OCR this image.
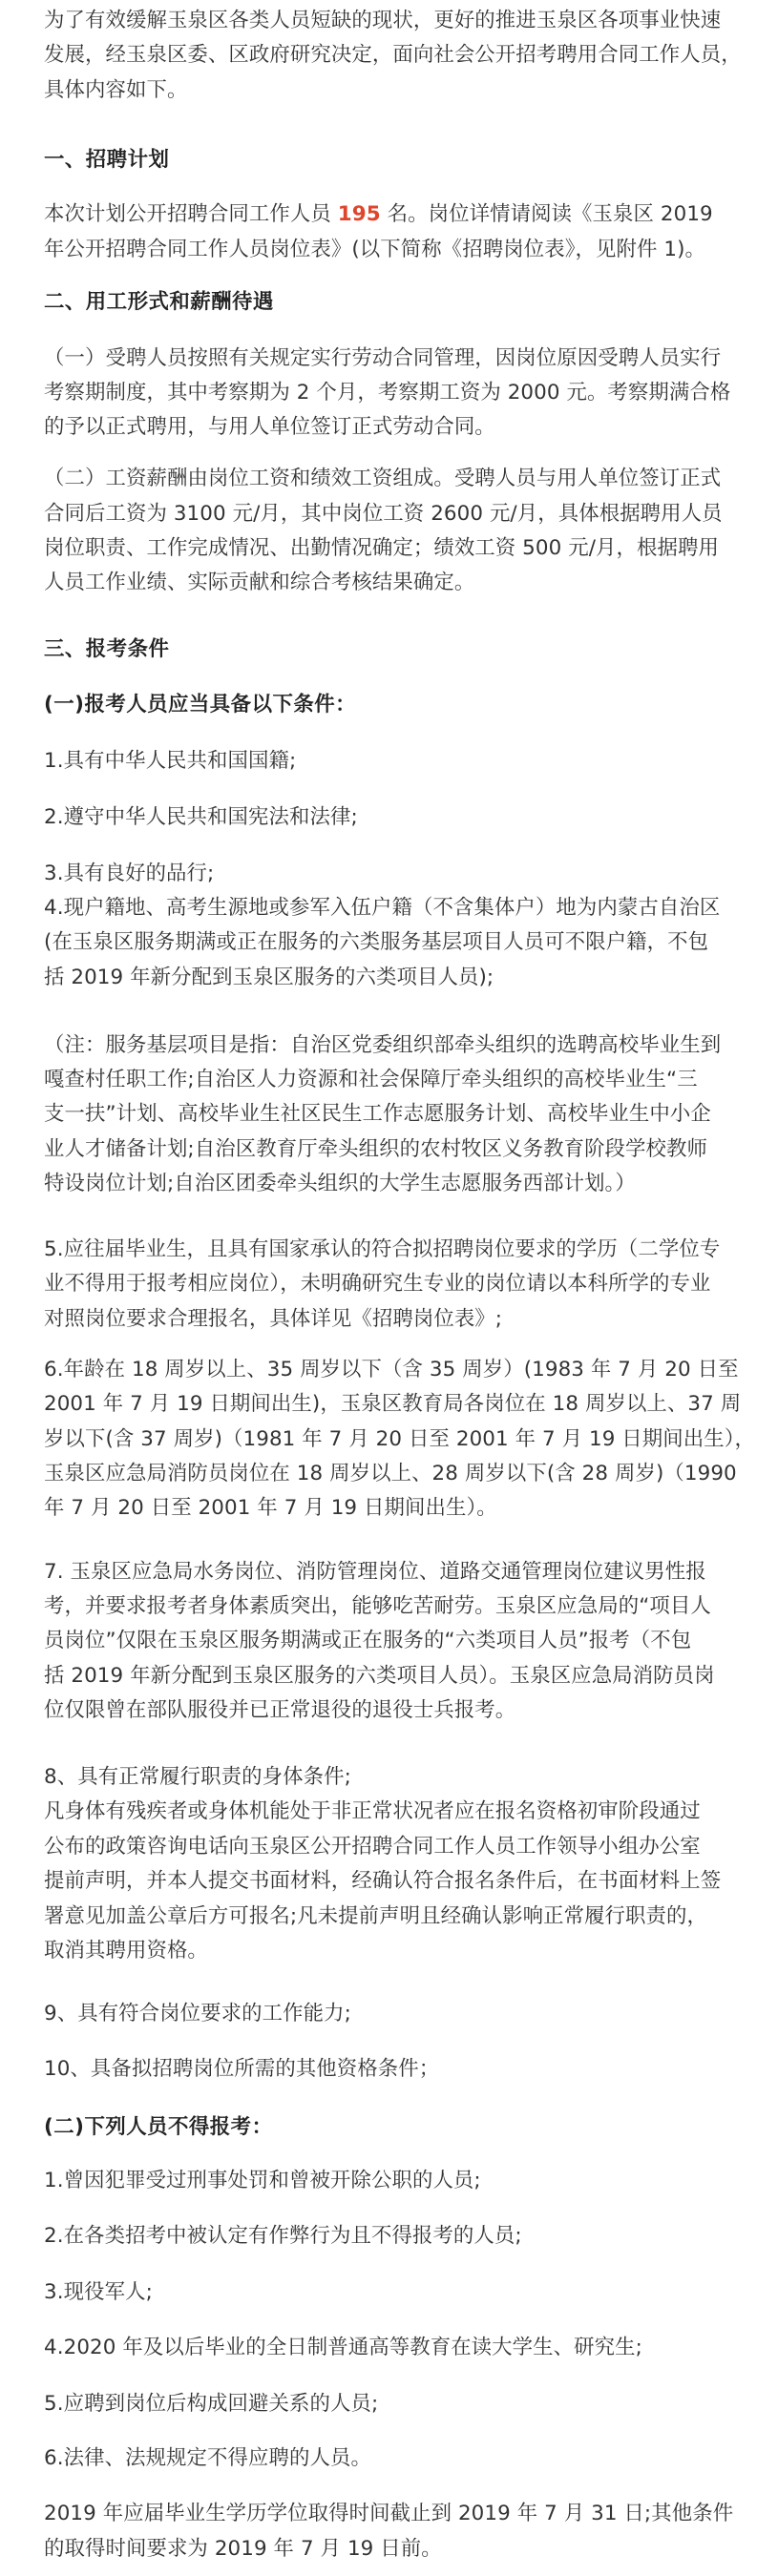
为了有效缓解玉泉区各类人员短缺的现状，更好的推进玉泉区各项事业快速
发展，经玉泉区委、区政府研究决定，面向社会公开招考聘用合同工作人员，
具体内容如下。

一、招聘计划

本次计划公开招聘合同工作人员 195 名。岗位详情请阅读《玉泉区 2019
年公开招聘合同工作人员岗位表》(以下简称《招聘岗位表》，见附件 1)。

二、用工形式和薪酬待遇

（一）受聘人员按照有关规定实行劳动合同管理，因岗位原因受聘人员实行
考察期制度，其中考察期为 2 个月，考察期工资为 2000 元。考察期满合格
的予以正式聘用，与用人单位签订正式劳动合同。

（二）工资薪酬由岗位工资和绩效工资组成。受聘人员与用人单位签订正式
合同后工资为 3100 元/月，其中岗位工资 2600 元/月，具体根据聘用人员
岗位职责、工作完成情况、出勤情况确定；绩效工资 500 元/月，根据聘用
人员工作业绩、实际贡献和综合考核结果确定。

三、报考条件

(一)报考人员应当具备以下条件：

1.具有中华人民共和国国籍;

2.遵守中华人民共和国宪法和法律;

3.具有良好的品行;
4.现户籍地、高考生源地或参军入伍户籍（不含集体户）地为内蒙古自治区
(在玉泉区服务期满或正在服务的六类服务基层项目人员可不限户籍，不包
括 2019 年新分配到玉泉区服务的六类项目人员);

（注：服务基层项目是指：自治区党委组织部牵头组织的选聘高校毕业生到
嘎查村任职工作;自治区人力资源和社会保障厅牵头组织的高校毕业生“三
支一扶”计划、高校毕业生社区民生工作志愿服务计划、高校毕业生中小企
业人才储备计划;自治区教育厅牵头组织的农村牧区义务教育阶段学校教师
特设岗位计划;自治区团委牵头组织的大学生志愿服务西部计划。）

5.应往届毕业生，且具有国家承认的符合拟招聘岗位要求的学历（二学位专
业不得用于报考相应岗位），未明确研究生专业的岗位请以本科所学的专业
对照岗位要求合理报名，具体详见《招聘岗位表》;

6.年龄在 18 周岁以上、35 周岁以下（含 35 周岁）(1983 年 7 月 20 日至
2001 年 7 月 19 日期间出生)，玉泉区教育局各岗位在 18 周岁以上、37 周
岁以下(含 37 周岁)（1981 年 7 月 20 日至 2001 年 7 月 19 日期间出生），
玉泉区应急局消防员岗位在 18 周岁以上、28 周岁以下(含 28 周岁)（1990
年 7 月 20 日至 2001 年 7 月 19 日期间出生）。

7. 玉泉区应急局水务岗位、消防管理岗位、道路交通管理岗位建议男性报
考，并要求报考者身体素质突出，能够吃苦耐劳。玉泉区应急局的“项目人
员岗位”仅限在玉泉区服务期满或正在服务的“六类项目人员”报考（不包
括 2019 年新分配到玉泉区服务的六类项目人员）。玉泉区应急局消防员岗
位仅限曾在部队服役并已正常退役的退役士兵报考。

8、具有正常履行职责的身体条件;
凡身体有残疾者或身体机能处于非正常状况者应在报名资格初审阶段通过
公布的政策咨询电话向玉泉区公开招聘合同工作人员工作领导小组办公室
提前声明，并本人提交书面材料，经确认符合报名条件后，在书面材料上签
署意见加盖公章后方可报名;凡未提前声明且经确认影响正常履行职责的，
取消其聘用资格。

9、具有符合岗位要求的工作能力;

10、具备拟招聘岗位所需的其他资格条件；

(二)下列人员不得报考：

1.曾因犯罪受过刑事处罚和曾被开除公职的人员;

2.在各类招考中被认定有作弊行为且不得报考的人员;

3.现役军人;

4.2020 年及以后毕业的全日制普通高等教育在读大学生、研究生;

5.应聘到岗位后构成回避关系的人员;

6.法律、法规规定不得应聘的人员。

2019 年应届毕业生学历学位取得时间截止到 2019 年 7 月 31 日;其他条件
的取得时间要求为 2019 年 7 月 19 日前。
